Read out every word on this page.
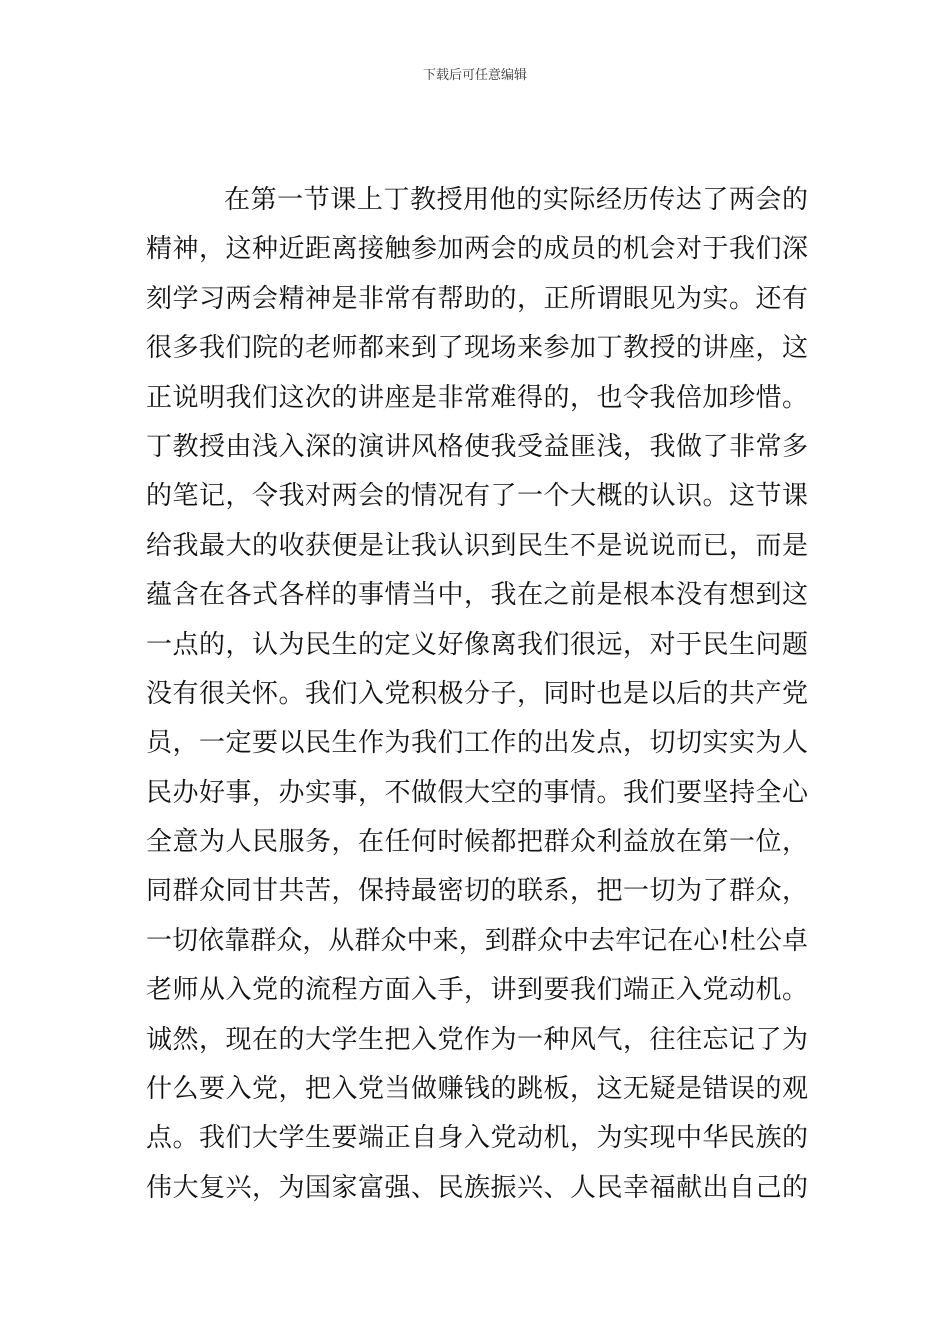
下载后可任意编辑
在第一节课上丁教授用他的实际经历传达了两会的
精神，这种近距离接触参加两会的成员的机会对于我们深
刻学习两会精神是非常有帮助的，正所谓眼见为实。还有
很多我们院的老师都来到了现场来参加丁教授的讲座，这
正说明我们这次的讲座是非常难得的，也令我倍加珍惜。
丁教授由浅入深的演讲风格使我受益匪浅，我做了非常多
的笔记，令我对两会的情况有了一个大概的认识。这节课
给我最大的收获便是让我认识到民生不是说说而已，而是
蕴含在各式各样的事情当中，我在之前是根本没有想到这
一点的，认为民生的定义好像离我们很远，对于民生问题
没有很关怀。我们入党积极分子，同时也是以后的共产党
员，一定要以民生作为我们工作的出发点，切切实实为人
民办好事，办实事，不做假大空的事情。我们要坚持全心
全意为人民服务，在任何时候都把群众利益放在第一位，
同群众同甘共苦，保持最密切的联系，把一切为了群众，
一切依靠群众，从群众中来，到群众中去牢记在心!杜公卓
老师从入党的流程方面入手，讲到要我们端正入党动机。
诚然，现在的大学生把入党作为一种风气，往往忘记了为
什么要入党，把入党当做赚钱的跳板，这无疑是错误的观
点。我们大学生要端正自身入党动机，为实现中华民族的
伟大复兴，为国家富强、民族振兴、人民幸福献出自己的
